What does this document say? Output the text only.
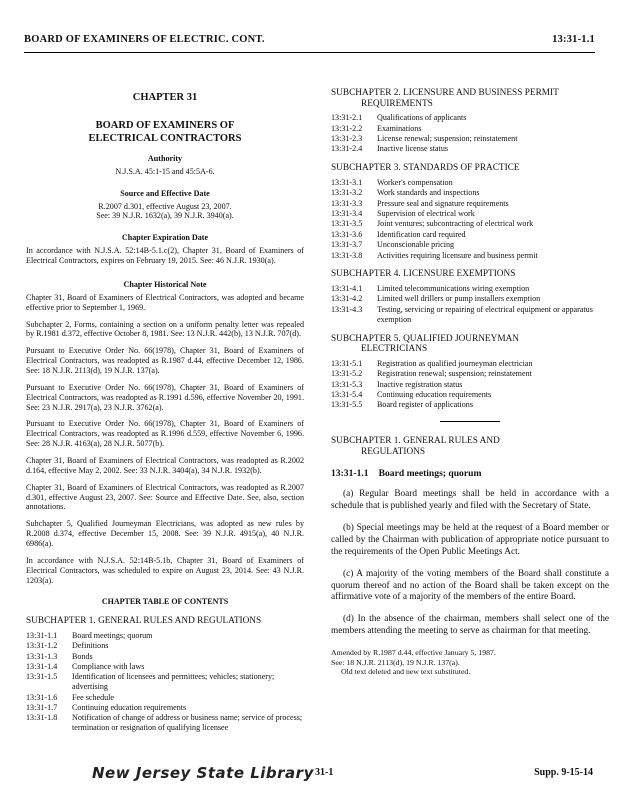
BOARD OF EXAMINERS OF ELECTRIC. CONT.	13:31-1.1
CHAPTER 31
BOARD OF EXAMINERS OF
ELECTRICAL CONTRACTORS
Authority
N.J.S.A. 45:1-15 and 45:5A-6.
Source and Effective Date
R.2007 d.301, effective August 23, 2007.
See: 39 N.J.R. 1632(a), 39 N.J.R. 3940(a).
Chapter Expiration Date
In accordance with N.J.S.A. 52:14B-5.1.c(2), Chapter 31, Board of Examiners of Electrical Contractors, expires on February 19, 2015. See: 46 N.J.R. 1930(a).
Chapter Historical Note
Chapter 31, Board of Examiners of Electrical Contractors, was adopted and became effective prior to September 1, 1969.
Subchapter 2, Forms, containing a section on a uniform penalty letter was repealed by R.1981 d.372, effective October 8, 1981. See: 13 N.J.R. 442(b), 13 N.J.R. 707(d).
Pursuant to Executive Order No. 66(1978), Chapter 31, Board of Examiners of Electrical Contractors, was readopted as R.1987 d.44, effective December 12, 1986. See: 18 N.J.R. 2113(d), 19 N.J.R. 137(a).
Pursuant to Executive Order No. 66(1978), Chapter 31, Board of Examiners of Electrical Contractors, was readopted as R.1991 d.596, effective November 20, 1991. See: 23 N.J.R. 2917(a), 23 N.J.R. 3762(a).
Pursuant to Executive Order No. 66(1978), Chapter 31, Board of Examiners of Electrical Contractors, was readopted as R.1996 d.559, effective November 6, 1996. See: 28 N.J.R. 4163(a), 28 N.J.R. 5077(b).
Chapter 31, Board of Examiners of Electrical Contractors, was readopted as R.2002 d.164, effective May 2, 2002. See: 33 N.J.R. 3404(a), 34 N.J.R. 1932(b).
Chapter 31, Board of Examiners of Electrical Contractors, was readopted as R.2007 d.301, effective August 23, 2007. See: Source and Effective Date. See, also, section annotations.
Subchapter 5, Qualified Journeyman Electricians, was adopted as new rules by R.2008 d.374, effective December 15, 2008. See: 39 N.J.R. 4915(a), 40 N.J.R. 6986(a).
In accordance with N.J.S.A. 52:14B-5.1b, Chapter 31, Board of Examiners of Electrical Contractors, was scheduled to expire on August 23, 2014. See: 43 N.J.R. 1203(a).
CHAPTER TABLE OF CONTENTS
SUBCHAPTER 1. GENERAL RULES AND REGULATIONS
13:31-1.1	Board meetings; quorum
13:31-1.2	Definitions
13:31-1.3	Bonds
13:31-1.4	Compliance with laws
13:31-1.5	Identification of licensees and permittees; vehicles; stationery; advertising
13:31-1.6	Fee schedule
13:31-1.7	Continuing education requirements
13:31-1.8	Notification of change of address or business name; service of process; termination or resignation of qualifying licensee
SUBCHAPTER 2. LICENSURE AND BUSINESS PERMIT
REQUIREMENTS
13:31-2.1	Qualifications of applicants
13:31-2.2	Examinations
13:31-2.3	License renewal; suspension; reinstatement
13:31-2.4	Inactive license status
SUBCHAPTER 3. STANDARDS OF PRACTICE
13:31-3.1	Worker's compensation
13:31-3.2	Work standards and inspections
13:31-3.3	Pressure seal and signature requirements
13:31-3.4	Supervision of electrical work
13:31-3.5	Joint ventures; subcontracting of electrical work
13:31-3.6	Identification card required
13:31-3.7	Unconscionable pricing
13:31-3.8	Activities requiring licensure and business permit
SUBCHAPTER 4. LICENSURE EXEMPTIONS
13:31-4.1	Limited telecommunications wiring exemption
13:31-4.2	Limited well drillers or pump installers exemption
13:31-4.3	Testing, servicing or repairing of electrical equipment or apparatus exemption
SUBCHAPTER 5. QUALIFIED JOURNEYMAN
ELECTRICIANS
13:31-5.1	Registration as qualified journeyman electrician
13:31-5.2	Registration renewal; suspension; reinstatement
13:31-5.3	Inactive registration status
13:31-5.4	Continuing education requirements
13:31-5.5	Board register of applications
SUBCHAPTER 1. GENERAL RULES AND
REGULATIONS
13:31-1.1 Board meetings; quorum
(a) Regular Board meetings shall be held in accordance with a schedule that is published yearly and filed with the Secretary of State.
(b) Special meetings may be held at the request of a Board member or called by the Chairman with publication of appropriate notice pursuant to the requirements of the Open Public Meetings Act.
(c) A majority of the voting members of the Board shall constitute a quorum thereof and no action of the Board shall be taken except on the affirmative vote of a majority of the members of the entire Board.
(d) In the absence of the chairman, members shall select one of the members attending the meeting to serve as chairman for that meeting.
Amended by R.1987 d.44, effective January 5, 1987.
See: 18 N.J.R. 2113(d), 19 N.J.R. 137(a).
Old text deleted and new text substituted.
New Jersey State Library 31-1	Supp. 9-15-14
